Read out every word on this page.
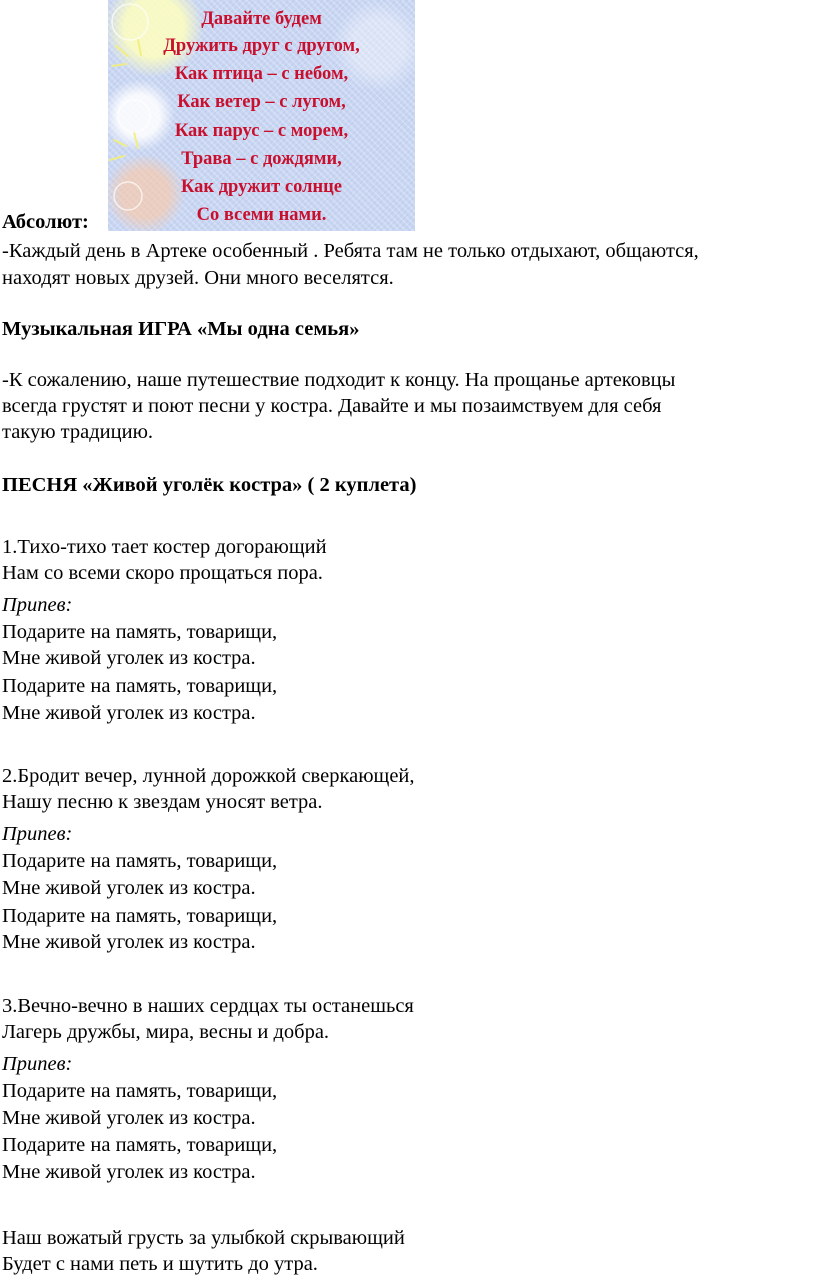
Давайте будем
Дружить друг с другом,
Как птица – с небом,
Как ветер – с лугом,
Как парус – с морем,
Трава – с дождями,
Как дружит солнце
Со всеми нами.
Абсолют:
-Каждый день в Артеке особенный . Ребята там не только отдыхают, общаются,
находят новых друзей. Они много веселятся.
Музыкальная ИГРА «Мы одна семья»
-К сожалению, наше путешествие подходит к концу. На прощанье артековцы
всегда грустят и поют песни у костра. Давайте и мы позаимствуем для себя
такую традицию.
ПЕСНЯ «Живой уголёк костра» ( 2 куплета)
1.Тихо-тихо тает костер догорающий
Нам со всеми скоро прощаться пора.
Припев:
Подарите на память, товарищи,
Мне живой уголек из костра.
Подарите на память, товарищи,
Мне живой уголек из костра.
2.Бродит вечер, лунной дорожкой сверкающей,
Нашу песню к звездам уносят ветра.
Припев:
Подарите на память, товарищи,
Мне живой уголек из костра.
Подарите на память, товарищи,
Мне живой уголек из костра.
3.Вечно-вечно в наших сердцах ты останешься
Лагерь дружбы, мира, весны и добра.
Припев:
Подарите на память, товарищи,
Мне живой уголек из костра.
Подарите на память, товарищи,
Мне живой уголек из костра.
Наш вожатый грусть за улыбкой скрывающий
Будет с нами петь и шутить до утра.
